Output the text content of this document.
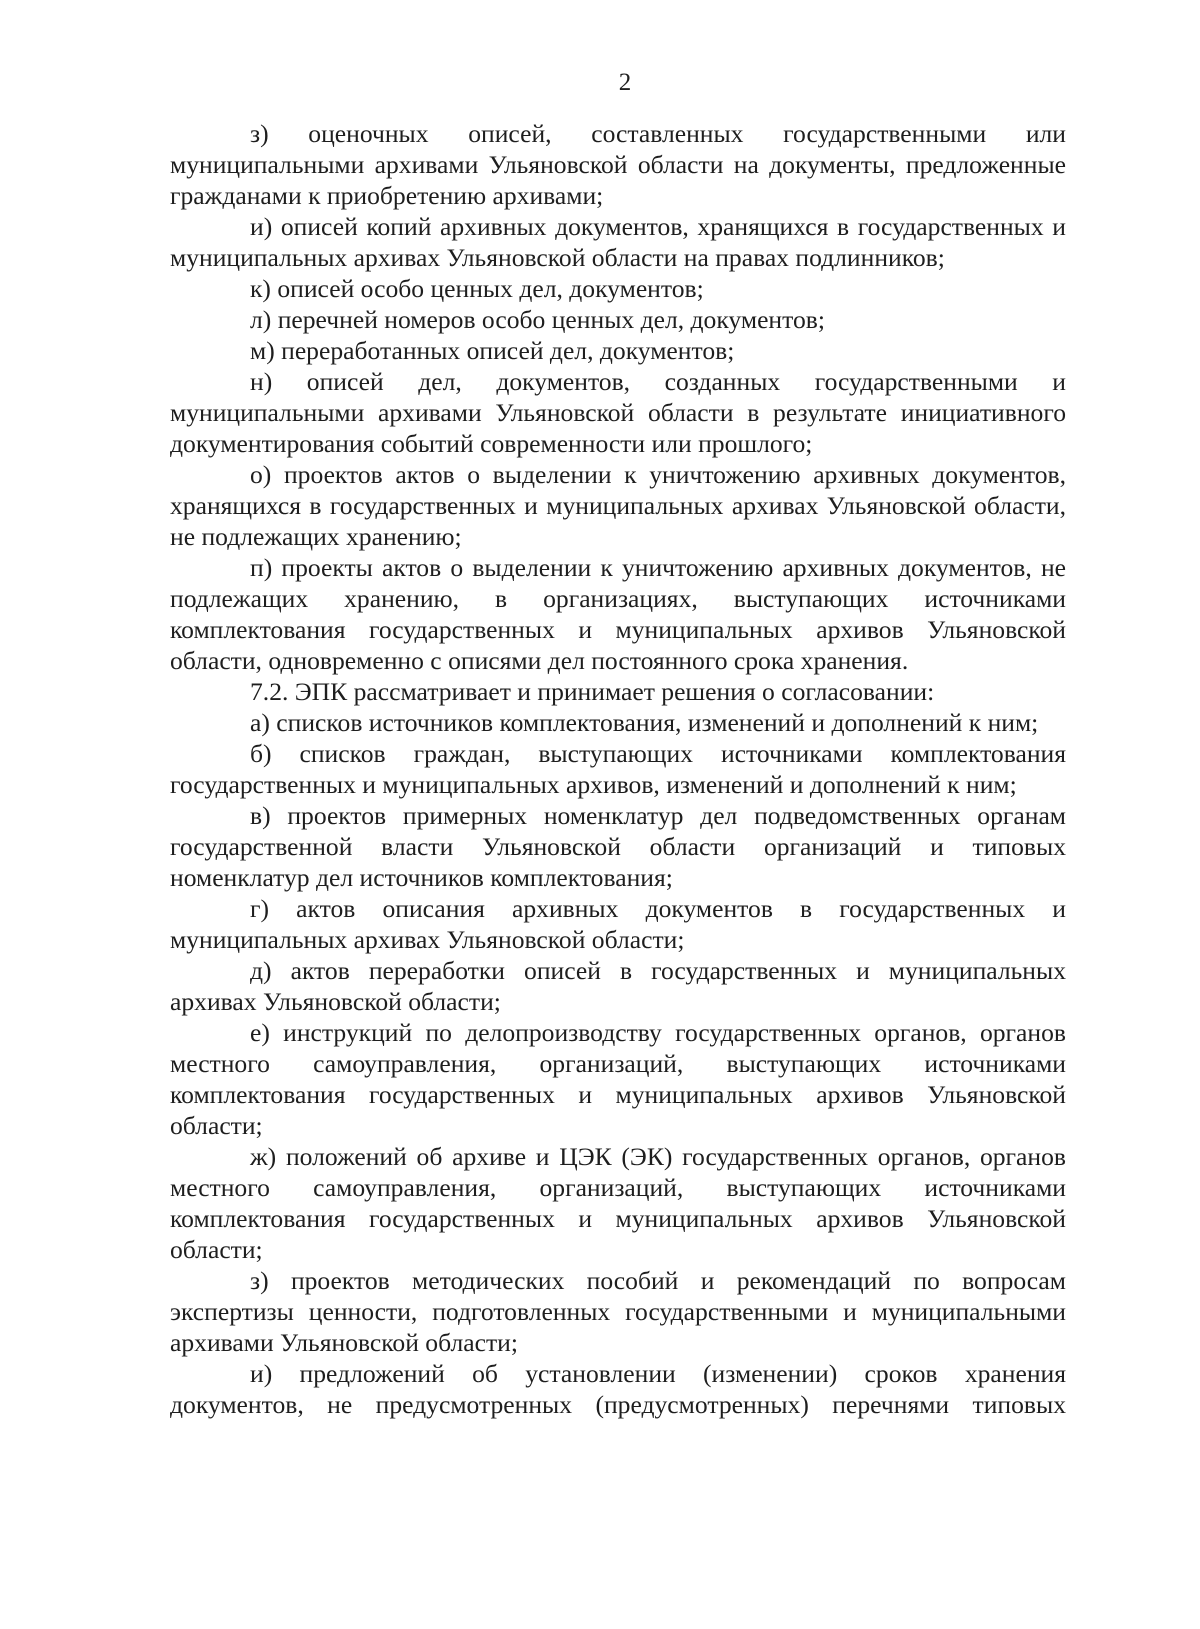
2

з) оценочных описей, составленных государственными или муниципальными архивами Ульяновской области на документы, предложенные гражданами к приобретению архивами;

и) описей копий архивных документов, хранящихся в государственных и муниципальных архивах Ульяновской области на правах подлинников;

к) описей особо ценных дел, документов;

л) перечней номеров особо ценных дел, документов;

м) переработанных описей дел, документов;

н) описей дел, документов, созданных государственными и муниципальными архивами Ульяновской области в результате инициативного документирования событий современности или прошлого;

о) проектов актов о выделении к уничтожению архивных документов, хранящихся в государственных и муниципальных архивах Ульяновской области, не подлежащих хранению;

п) проекты актов о выделении к уничтожению архивных документов, не подлежащих хранению, в организациях, выступающих источниками комплектования государственных и муниципальных архивов Ульяновской области, одновременно с описями дел постоянного срока хранения.

7.2. ЭПК рассматривает и принимает решения о согласовании:

а) списков источников комплектования, изменений и дополнений к ним;

б) списков граждан, выступающих источниками комплектования государственных и муниципальных архивов, изменений и дополнений к ним;

в) проектов примерных номенклатур дел подведомственных органам государственной власти Ульяновской области организаций и типовых номенклатур дел источников комплектования;

г) актов описания архивных документов в государственных и муниципальных архивах Ульяновской области;

д) актов переработки описей в государственных и муниципальных архивах Ульяновской области;

е) инструкций по делопроизводству государственных органов, органов местного самоуправления, организаций, выступающих источниками комплектования государственных и муниципальных архивов Ульяновской области;

ж) положений об архиве и ЦЭК (ЭК) государственных органов, органов местного самоуправления, организаций, выступающих источниками комплектования государственных и муниципальных архивов Ульяновской области;

з) проектов методических пособий и рекомендаций по вопросам экспертизы ценности, подготовленных государственными и муниципальными архивами Ульяновской области;

и) предложений об установлении (изменении) сроков хранения документов, не предусмотренных (предусмотренных) перечнями типовых
